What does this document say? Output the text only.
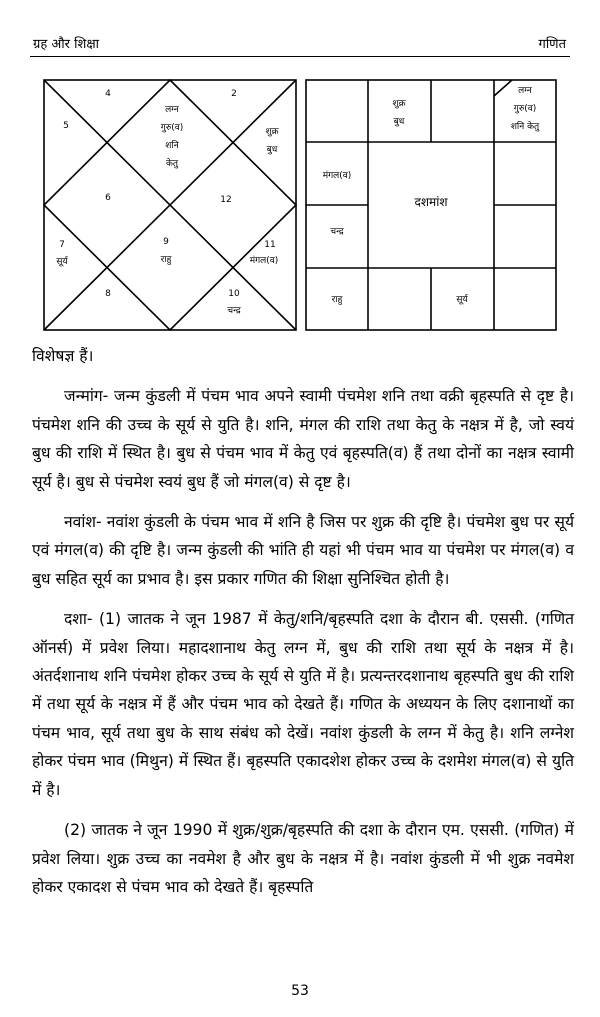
ग्रह और शिक्षा	गणित
4	2
5
लग्न
गुरु(व)
शनि
केतु
शुक्र
बुध
6	12
7
सूर्य
9
राहु
11
मंगल(व)
8	10
चन्द्र
शुक्र
बुध
लग्न
गुरु(व)
शनि केतु
मंगल(व)
चन्द्र
दशमांश
राहु	सूर्य

विशेषज्ञ हैं।

जन्मांग- जन्म कुंडली में पंचम भाव अपने स्वामी पंचमेश शनि तथा वक्री बृहस्पति से दृष्ट है। पंचमेश शनि की उच्च के सूर्य से युति है। शनि, मंगल की राशि तथा केतु के नक्षत्र में है, जो स्वयं बुध की राशि में स्थित है। बुध से पंचम भाव में केतु एवं बृहस्पति(व) हैं तथा दोनों का नक्षत्र स्वामी सूर्य है। बुध से पंचमेश स्वयं बुध हैं जो मंगल(व) से दृष्ट है।

नवांश- नवांश कुंडली के पंचम भाव में शनि है जिस पर शुक्र की दृष्टि है। पंचमेश बुध पर सूर्य एवं मंगल(व) की दृष्टि है। जन्म कुंडली की भांति ही यहां भी पंचम भाव या पंचमेश पर मंगल(व) व बुध सहित सूर्य का प्रभाव है। इस प्रकार गणित की शिक्षा सुनिश्चित होती है।

दशा- (1) जातक ने जून 1987 में केतु/शनि/बृहस्पति दशा के दौरान बी. एससी. (गणित ऑनर्स) में प्रवेश लिया। महादशानाथ केतु लग्न में, बुध की राशि तथा सूर्य के नक्षत्र में है। अंतर्दशानाथ शनि पंचमेश होकर उच्च के सूर्य से युति में है। प्रत्यन्तरदशानाथ बृहस्पति बुध की राशि में तथा सूर्य के नक्षत्र में हैं और पंचम भाव को देखते हैं। गणित के अध्ययन के लिए दशानाथों का पंचम भाव, सूर्य तथा बुध के साथ संबंध को देखें। नवांश कुंडली के लग्न में केतु है। शनि लग्नेश होकर पंचम भाव (मिथुन) में स्थित हैं। बृहस्पति एकादशेश होकर उच्च के दशमेश मंगल(व) से युति में है।

(2) जातक ने जून 1990 में शुक्र/शुक्र/बृहस्पति की दशा के दौरान एम. एससी. (गणित) में प्रवेश लिया। शुक्र उच्च का नवमेश है और बुध के नक्षत्र में है। नवांश कुंडली में भी शुक्र नवमेश होकर एकादश से पंचम भाव को देखते हैं। बृहस्पति

53
